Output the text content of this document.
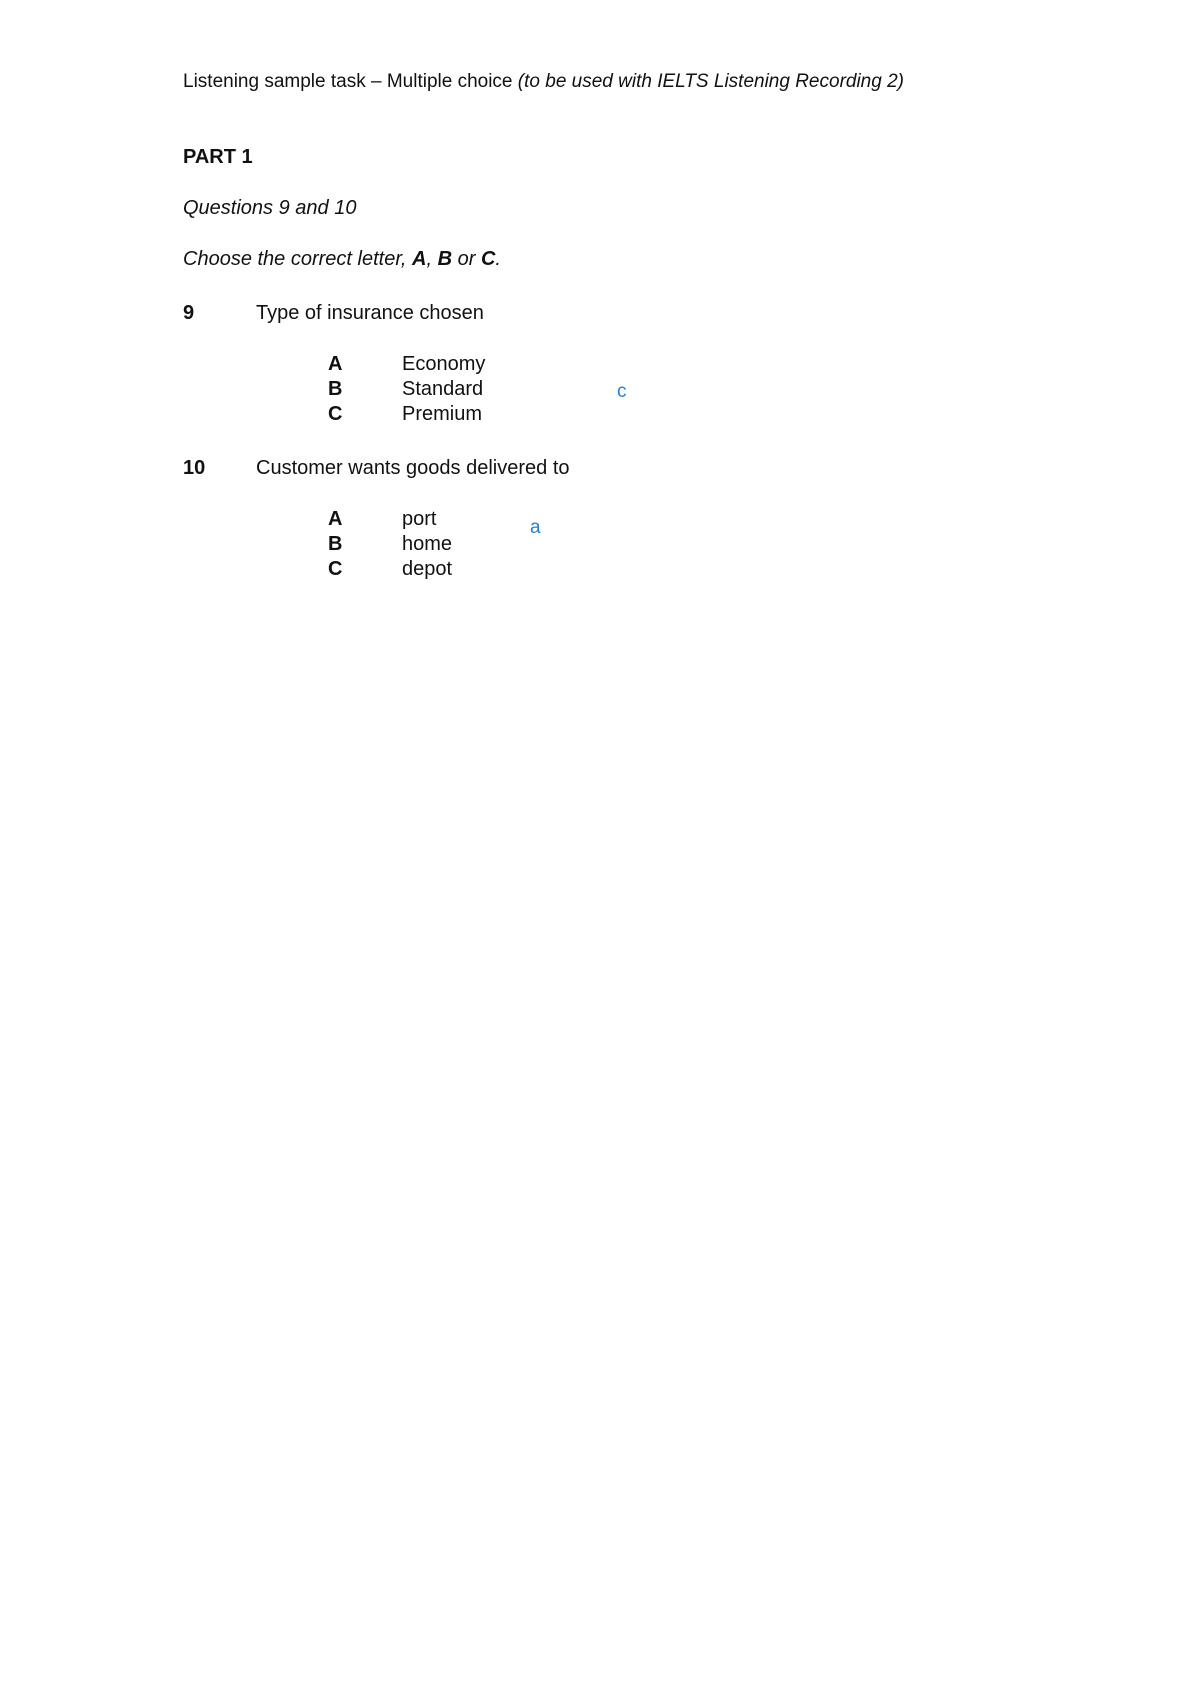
Listening sample task – Multiple choice (to be used with IELTS Listening Recording 2)
PART 1
Questions 9 and 10
Choose the correct letter, A, B or C.
9	Type of insurance chosen
A	Economy
B	Standard
C	Premium
c
10	Customer wants goods delivered to
A	port
B	home
C	depot
a
